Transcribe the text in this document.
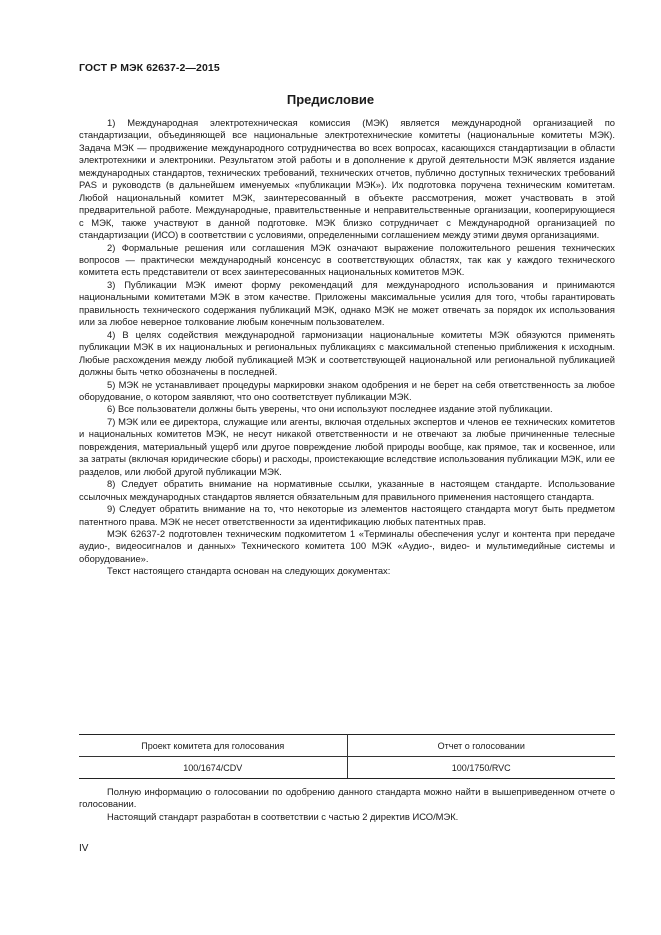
ГОСТ Р МЭК 62637-2—2015
Предисловие

1) Международная электротехническая комиссия (МЭК) является международной организацией по стандартизации, объединяющей все национальные электротехнические комитеты (национальные комитеты МЭК). Задача МЭК — продвижение международного сотрудничества во всех вопросах, касающихся стандартизации в области электротехники и электроники. Результатом этой работы и в дополнение к другой деятельности МЭК является издание международных стандартов, технических требований, технических отчетов, публично доступных технических требований PAS и руководств (в дальнейшем именуемых «публикации МЭК»). Их подготовка поручена техническим комитетам. Любой национальный комитет МЭК, заинтересованный в объекте рассмотрения, может участвовать в этой предварительной работе. Международные, правительственные и неправительственные организации, кооперирующиеся с МЭК, также участвуют в данной подготовке. МЭК близко сотрудничает с Международной организацией по стандартизации (ИСО) в соответствии с условиями, определенными соглашением между этими двумя организациями.

2) Формальные решения или соглашения МЭК означают выражение положительного решения технических вопросов — практически международный консенсус в соответствующих областях, так как у каждого технического комитета есть представители от всех заинтересованных национальных комитетов МЭК.

3) Публикации МЭК имеют форму рекомендаций для международного использования и принимаются национальными комитетами МЭК в этом качестве. Приложены максимальные усилия для того, чтобы гарантировать правильность технического содержания публикаций МЭК, однако МЭК не может отвечать за порядок их использования или за любое неверное толкование любым конечным пользователем.

4) В целях содействия международной гармонизации национальные комитеты МЭК обязуются применять публикации МЭК в их национальных и региональных публикациях с максимальной степенью приближения к исходным. Любые расхождения между любой публикацией МЭК и соответствующей национальной или региональной публикацией должны быть четко обозначены в последней.

5) МЭК не устанавливает процедуры маркировки знаком одобрения и не берет на себя ответственность за любое оборудование, о котором заявляют, что оно соответствует публикации МЭК.

6) Все пользователи должны быть уверены, что они используют последнее издание этой публикации.

7) МЭК или ее директора, служащие или агенты, включая отдельных экспертов и членов ее технических комитетов и национальных комитетов МЭК, не несут никакой ответственности и не отвечают за любые причиненные телесные повреждения, материальный ущерб или другое повреждение любой природы вообще, как прямое, так и косвенное, или за затраты (включая юридические сборы) и расходы, проистекающие вследствие использования публикации МЭК, или ее разделов, или любой другой публикации МЭК.

8) Следует обратить внимание на нормативные ссылки, указанные в настоящем стандарте. Использование ссылочных международных стандартов является обязательным для правильного применения настоящего стандарта.

9) Следует обратить внимание на то, что некоторые из элементов настоящего стандарта могут быть предметом патентного права. МЭК не несет ответственности за идентификацию любых патентных прав.

МЭК 62637-2 подготовлен техническим подкомитетом 1 «Терминалы обеспечения услуг и контента при передаче аудио-, видеосигналов и данных» Технического комитета 100 МЭК «Аудио-, видео- и мультимедийные системы и оборудование».

Текст настоящего стандарта основан на следующих документах:

Проект комитета для голосования	Отчет о голосовании
100/1674/CDV	100/1750/RVC

Полную информацию о голосовании по одобрению данного стандарта можно найти в вышеприведенном отчете о голосовании.

Настоящий стандарт разработан в соответствии с частью 2 директив ИСО/МЭК.

IV
